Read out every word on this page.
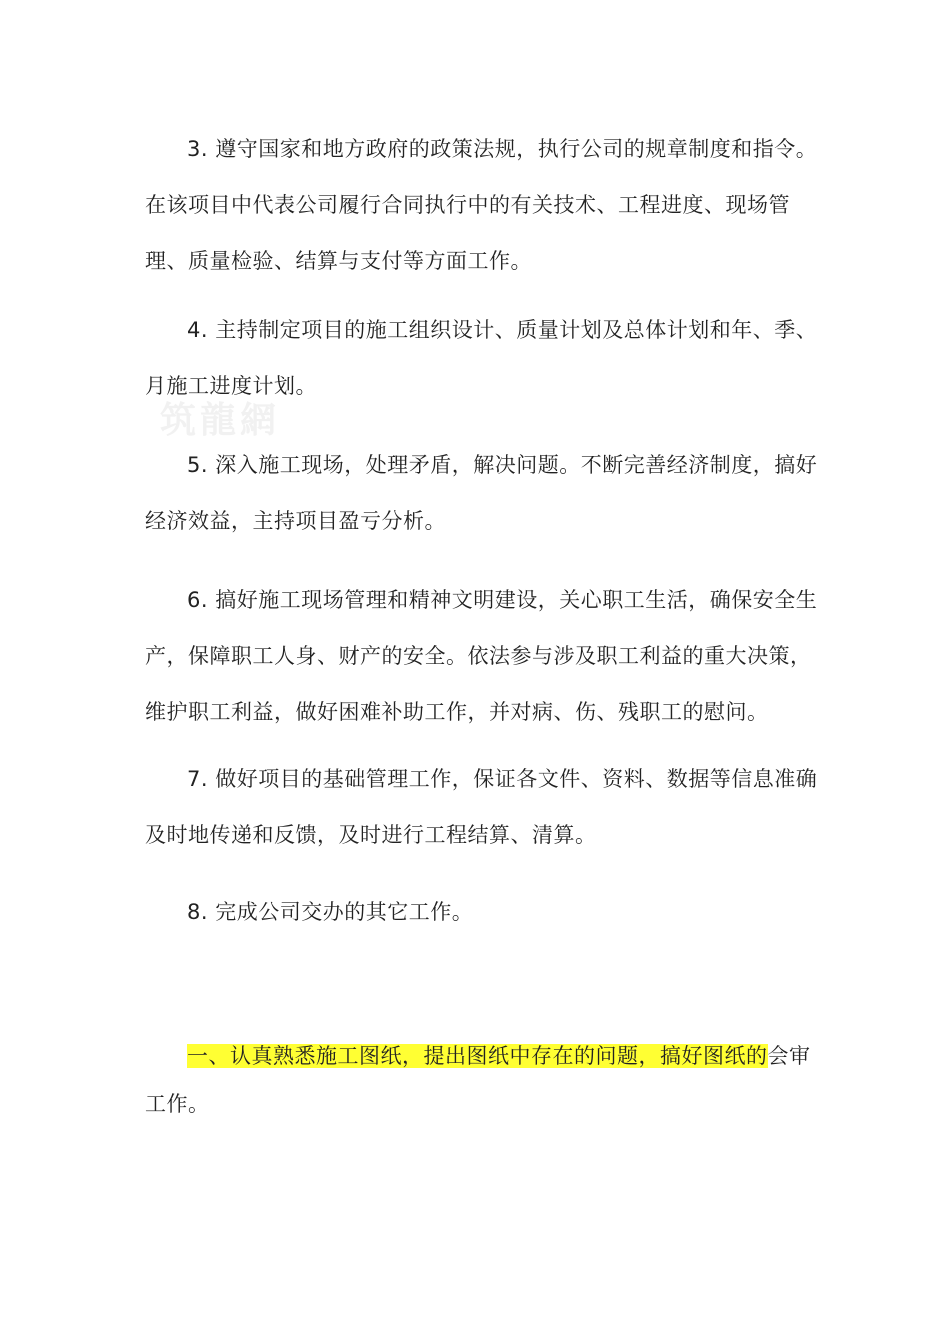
筑龍網

3. 遵守国家和地方政府的政策法规，执行公司的规章制度和指令。在该项目中代表公司履行合同执行中的有关技术、工程进度、现场管理、质量检验、结算与支付等方面工作。

4. 主持制定项目的施工组织设计、质量计划及总体计划和年、季、月施工进度计划。

5. 深入施工现场，处理矛盾，解决问题。不断完善经济制度，搞好经济效益，主持项目盈亏分析。

6. 搞好施工现场管理和精神文明建设，关心职工生活，确保安全生产，保障职工人身、财产的安全。依法参与涉及职工利益的重大决策，维护职工利益，做好困难补助工作，并对病、伤、残职工的慰问。

7. 做好项目的基础管理工作，保证各文件、资料、数据等信息准确及时地传递和反馈，及时进行工程结算、清算。

8. 完成公司交办的其它工作。

一、认真熟悉施工图纸，提出图纸中存在的问题，搞好图纸的会审工作。
